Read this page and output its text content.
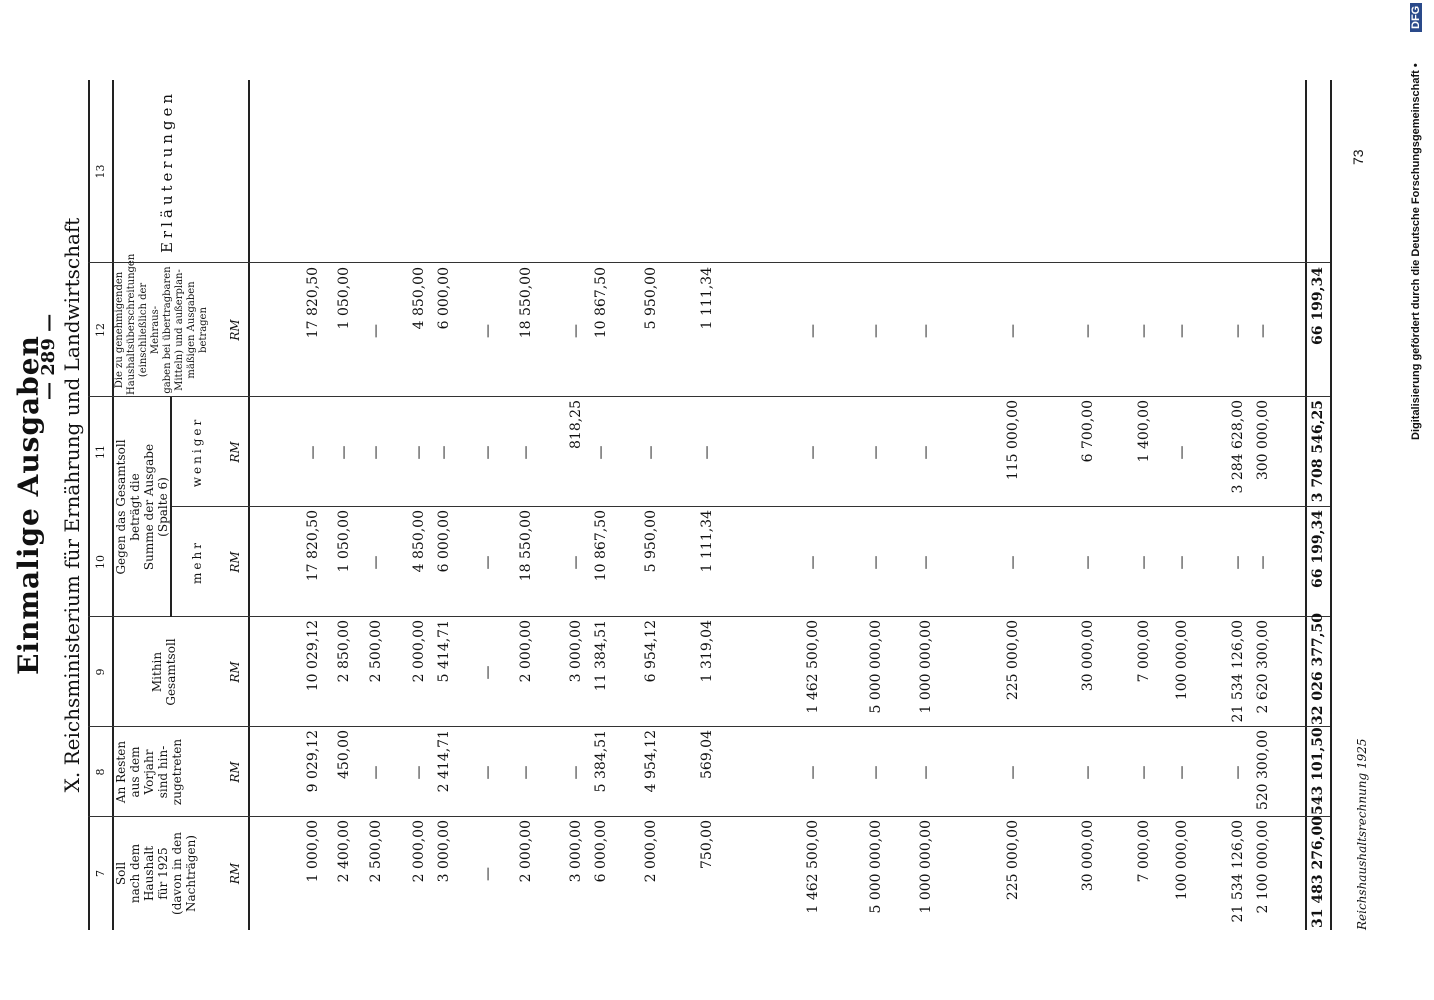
Einmalige Ausgaben
— 289 — X. Reichsministerium für Ernährung und Landwirtschaft
7
8
9
10
11
12
13
Soll
nach dem
Haushalt
für 1925
(davon in den
Nachträgen)
An Resten
aus dem
Vorjahr
sind hin-
zugetreten
Mithin
Gesamtsoll
Gegen das Gesamtsoll
beträgt die
Summe der Ausgabe
(Spalte 6)
mehr
weniger
Die zu genehmigenden
Haushaltsüberschreitungen
(einschließlich der Mehraus-
gaben bei übertragbaren
Mitteln) und außerplan-
mäßigen Ausgaben
betragen
Erläuterungen
RM
RM
RM
RM
RM
RM
2 100 000,00
520 300,00
2 620 300,00
—
300 000,00
—
21 534 126,00
—
21 534 126,00
—
3 284 628,00
—
100 000,00
—
100 000,00
—
—
—
7 000,00
—
7 000,00
—
1 400,00
—
30 000,00
—
30 000,00
—
6 700,00
—
225 000,00
—
225 000,00
—
115 000,00
—
1 000 000,00
—
1 000 000,00
—
—
—
5 000 000,00
—
5 000 000,00
—
—
—
1 462 500,00
—
1 462 500,00
—
—
—
750,00
569,04
1 319,04
1 111,34
—
1 111,34
2 000,00
4 954,12
6 954,12
5 950,00
—
5 950,00
6 000,00
5 384,51
11 384,51
10 867,50
—
10 867,50
3 000,00
—
3 000,00
—
818,25
—
2 000,00
—
2 000,00
18 550,00
—
18 550,00
—
—
—
—
—
—
3 000,00
2 414,71
5 414,71
6 000,00
—
6 000,00
2 000,00
—
2 000,00
4 850,00
—
4 850,00
2 500,00
—
2 500,00
—
—
—
2 400,00
450,00
2 850,00
1 050,00
—
1 050,00
1 000,00
9 029,12
10 029,12
17 820,50
—
17 820,50
31 483 276,00
543 101,50
32 026 377,50
66 199,34
3 708 546,25
66 199,34
Reichshaushaltsrechnung 1925
73	Digitalisierung gefördert durch die Deutsche Forschungsgemeinschaft •
DFG
